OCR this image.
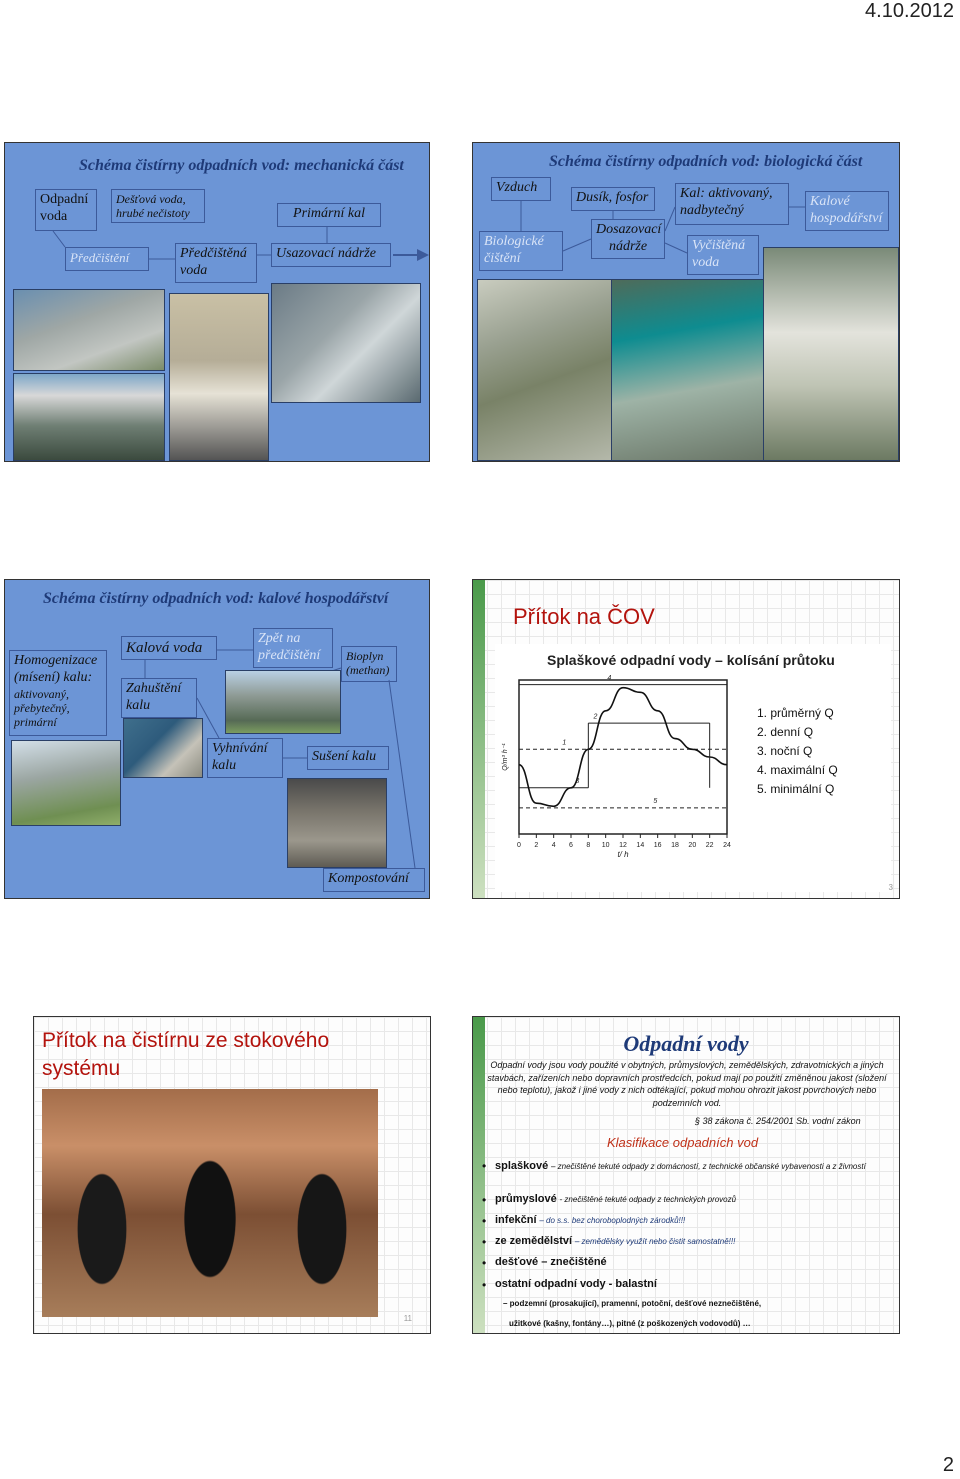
4.10.2012
Schéma čistírny odpadních vod: mechanická část
Odpadní voda
Dešťová voda, hrubé nečistoty	Primární kal
Předčištění	Předčištěná voda
Usazovací nádrže
Schéma čistírny odpadních vod: biologická část
Vzduch
Dusík, fosfor	Kal: aktivovaný, nadbytečný
Kalové hospodářství
Biologické čištění
Dosazovací nádrže	Vyčištěná voda
Schéma čistírny odpadních vod: kalové hospodářství
Homogenizace (mísení) kalu:
aktivovaný, přebytečný, primární
Kalová voda
Zpět na předčištění	Bioplyn (methan)
Zahuštění kalu
Vyhnívání kalu
Sušení kalu
Kompostování
Přítok na ČOV
Splaškové odpadní vody – kolísání průtoku
0 2 4 6 8 10 12 14 16 18 20 22 24
t/ h
Q/m³ h⁻¹
1
2
3
4
5
1. průměrný Q
2. denní Q
3. noční Q
4. maximální Q
5. minimální Q
3
Přítok na čistírnu ze stokového systému
11
Odpadní vody
Odpadní vody jsou vody použité v obytných, průmyslových, zemědělských, zdravotnických a jiných stavbách, zařízeních nebo dopravních prostředcích, pokud mají po použití změněnou jakost (složení nebo teplotu), jakož i jiné vody z nich odtékající, pokud mohou ohrozit jakost povrchových nebo podzemních vod.
§ 38 zákona č. 254/2001 Sb. vodní zákon
Klasifikace odpadních vod
• splaškové – znečištěné tekuté odpady z domácností, z technické občanské vybavenosti a z živností
• průmyslové - znečištěné tekuté odpady z technických provozů
• infekční – do s.s. bez choroboplodných zárodků!!!
• ze zemědělství – zemědělsky využít nebo čistit samostatně!!!
• dešťové – znečištěné
• ostatní odpadní vody - balastní
– podzemní (prosakující), pramenní, potoční, dešťové neznečištěné,
užitkové (kašny, fontány…), pitné (z poškozených vodovodů) …
2
